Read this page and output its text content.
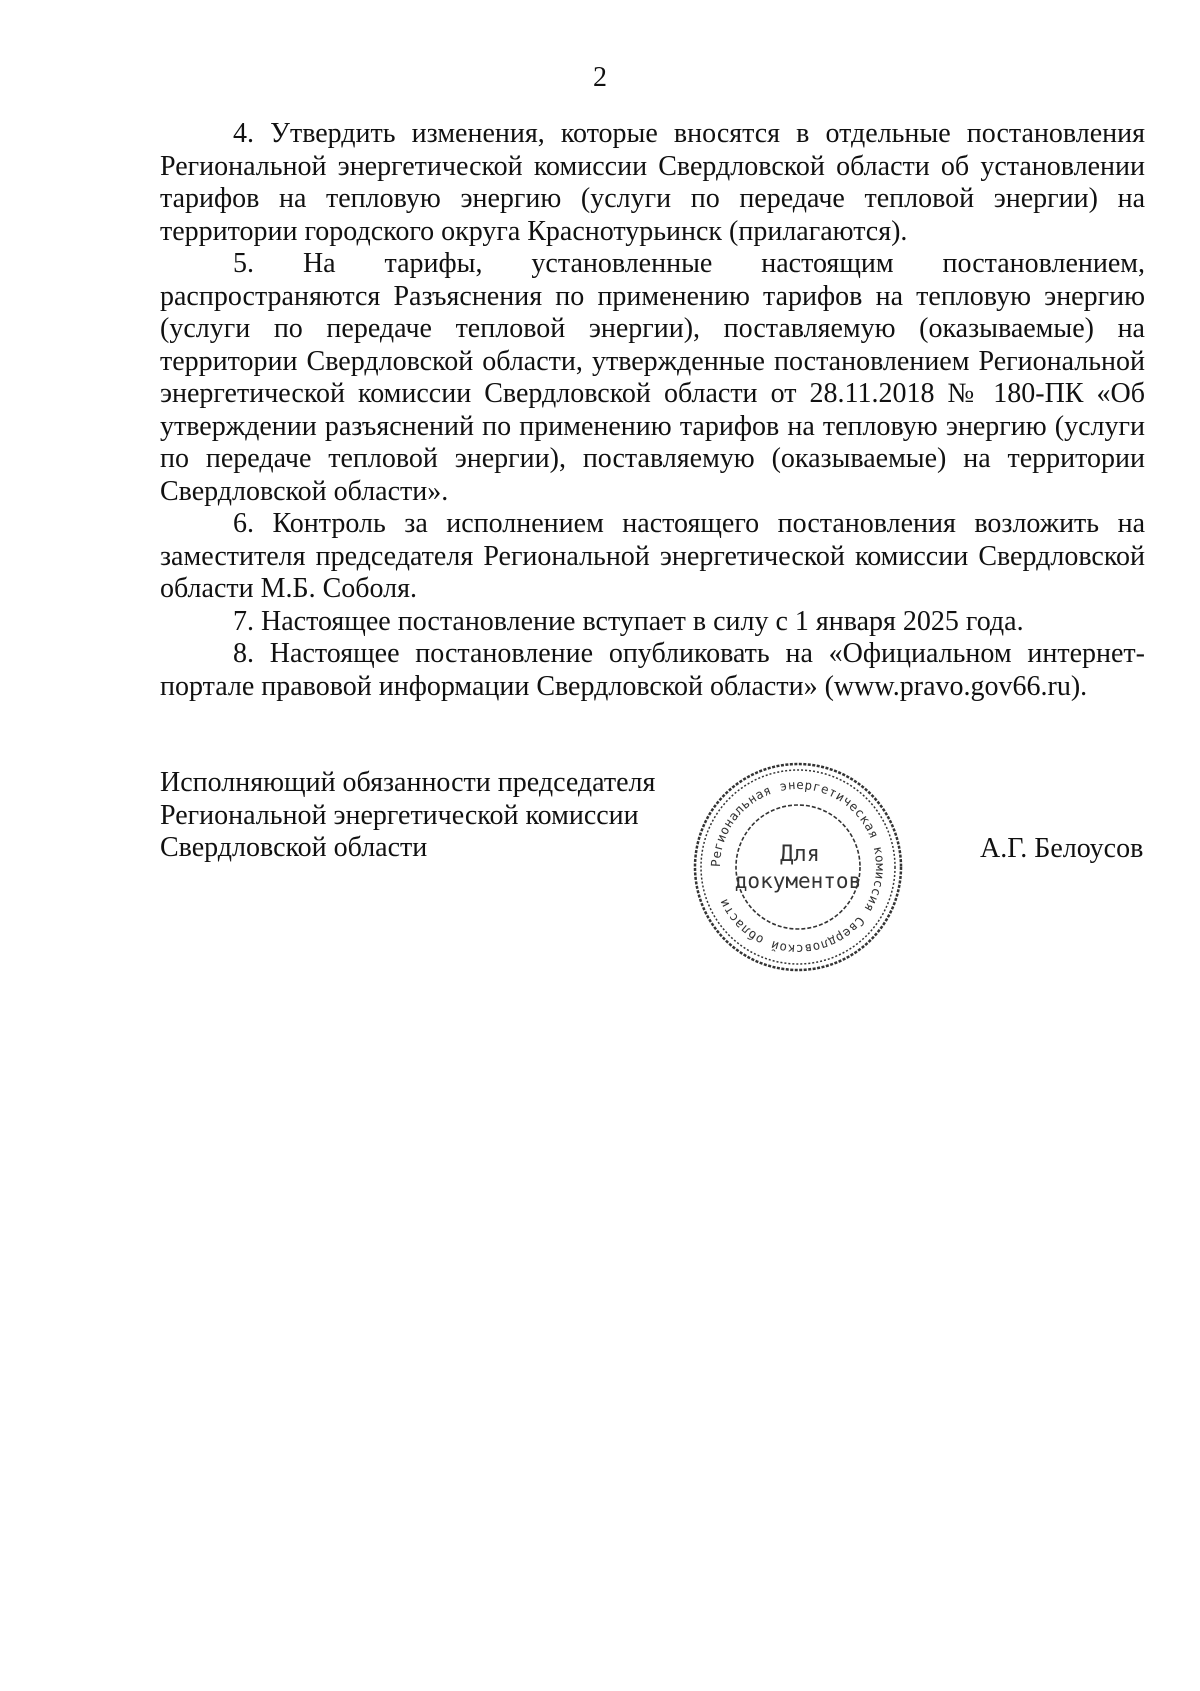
2

4. Утвердить изменения, которые вносятся в отдельные постановления Региональной энергетической комиссии Свердловской области об установлении тарифов на тепловую энергию (услуги по передаче тепловой энергии) на территории городского округа Краснотурьинск (прилагаются).

5. На тарифы, установленные настоящим постановлением, распространяются Разъяснения по применению тарифов на тепловую энергию (услуги по передаче тепловой энергии), поставляемую (оказываемые) на территории Свердловской области, утвержденные постановлением Региональной энергетической комиссии Свердловской области от 28.11.2018 № 180-ПК «Об утверждении разъяснений по применению тарифов на тепловую энергию (услуги по передаче тепловой энергии), поставляемую (оказываемые) на территории Свердловской области».

6. Контроль за исполнением настоящего постановления возложить на заместителя председателя Региональной энергетической комиссии Свердловской области М.Б. Соболя.

7. Настоящее постановление вступает в силу с 1 января 2025 года.

8. Настоящее постановление опубликовать на «Официальном интернет-портале правовой информации Свердловской области» (www.pravo.gov66.ru).

Исполняющий обязанности председателя
Региональной энергетической комиссии
Свердловской области	А.Г. Белоусов
Региональная энергетическая комиссия Свердловской области
Для
документов
